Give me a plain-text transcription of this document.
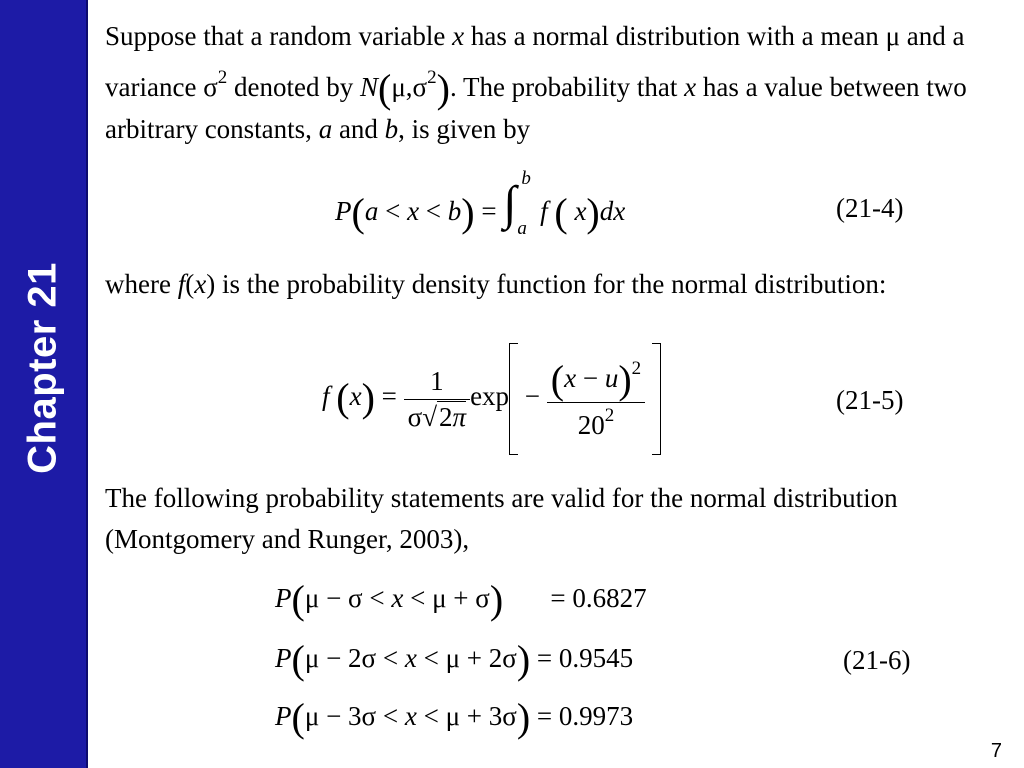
Chapter 21

Suppose that a random variable x has a normal distribution with a mean μ and a variance $\sigma^2$ denoted by $N(\mu,\sigma^2)$. The probability that x has a value between two arbitrary constants, a and b, is given by

P(a < x < b) = ∫ b
a
f ( x)dx	(21-4)

where f(x) is the probability density function for the normal distribution:

f $(x) = \frac{1}{\sigma√2\pi}$ $\exp - \frac{(x - u)^2}{20^2}$
	(21-5)

The following probability statements are valid for the normal distribution (Montgomery and Runger, 2003),

P(μ − σ < x < μ + σ)       = 0.6827
P(μ − 2σ < x < μ + 2σ) = 0.9545
P(μ − 3σ < x < μ + 3σ) = 0.9973
(21-6)
7
